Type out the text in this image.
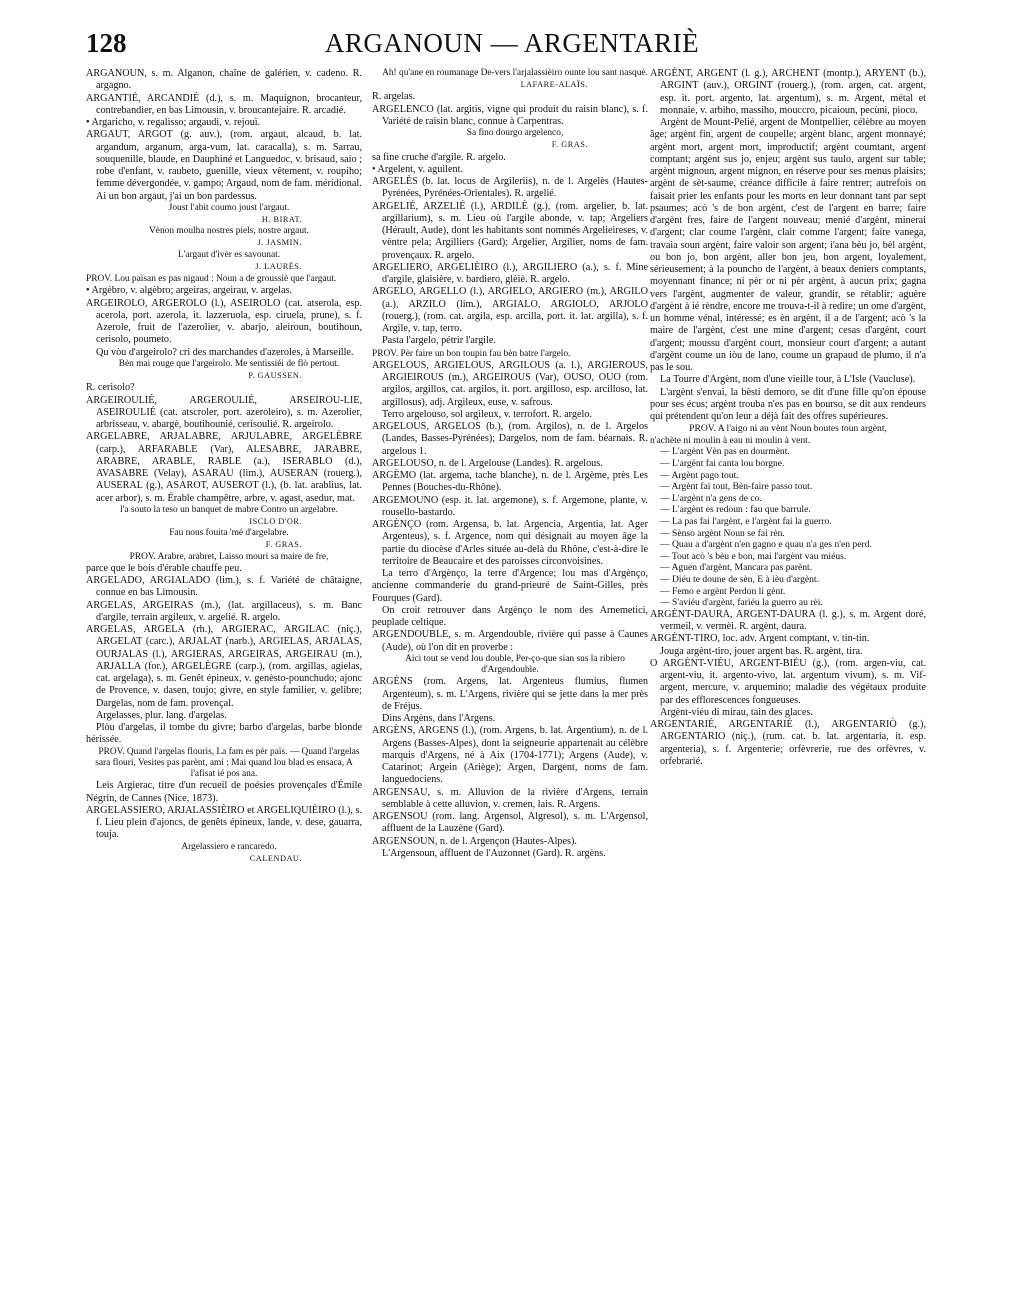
128	ARGANOUN — ARGENTARIÈ

ARGANOUN, s. m. Alganon, chaîne de galérien, v. cadeno. R. argagno.

ARGANTIÉ, ARCANDIÉ (d.), s. m. Maquignon, brocanteur, contrebandier, en bas Limousin, v. broucantejaire. R. arcadié.

• Argaricho, v. regalisso; argaudi, v. rejouï.

ARGAUT, ARGOT (g. auv.), (rom. argaut, alcaud, b. lat. argandum, arganum, arga-vum, lat. caracalla), s. m. Sarrau, souquenille, blaude, en Dauphiné et Languedoc, v. brisaud, saio ; robe d'enfant, v. raubeto, guenille, vieux vêtement, v. roupiho; femme dévergondée, v. gampo; Argaud, nom de fam. méridional.

Ai un bon argaut, j'ai un bon pardessus.

Joust l'abit coumo joust l'argaut.

H. BIRAT.

Vènon moulha nostres piels, nostre argaut.

J. JASMIN.

L'argaut d'ivèr es savounat.

J. LAURÈS.

PROV. Lou païsan es pas nigaud : Noun a de groussiè que l'argaut.

• Argèbro, v. algèbro; argeiras, argeirau, v. argelas.

ARGEIROLO, ARGEROLO (l.), ASEIROLO (cat. atserola, esp. acerola, port. azerola, it. lazzeruola, esp. ciruela, prune), s. f. Azerole, fruit de l'azerolier, v. abarjo, aleiroun, boutihoun, cerisolo, poumeto.

Qu vòu d'argeirolo? cri des marchandes d'azeroles, à Marseille.

Bèn mai rouge que l'argeirolo. Me sentissiéi de flò pertout.

P. GAUSSEN.

R. cerisolo?

ARGEIROULIÉ, ARGEROULIÉ, ARSEIROU-LIE, ASEIROULIÉ (cat. atscroler, port. azeroleiro), s. m. Azerolier, arbrisseau, v. abargè, boutihounié, cerisoulié. R. argeirolo.

ARGELABRE, ARJALABRE, ARJULABRE, ARGELÈBRE (carp.), ARFARABLE (Var), ALESABRE, JARABRE, ARABRE, ARABLE, RABLE (a.), ISERABLO (d.), AVASABRE (Velay), ASARAU (lim.), AUSERAN (rouerg.), AUSERAL (g.), ASAROT, AUSEROT (l.), (b. lat. arablius, lat. acer arbor), s. m. Érable champêtre, arbre, v. agast, asedur, mat.

l'a souto la teso un banquet de mabre Contro un argelabre.

ISCLO D'OR.

Fau nous fouita 'mé d'argelabre.

F. GRAS.

PROV. Arabre, arabret, Laisso mouri sa maire de fre,

parce que le bois d'érable chauffe peu.

ARGELADO, ARGIALADO (lim.), s. f. Variété de châtaigne, connue en bas Limousin.

ARGELAS, ARGEIRAS (m.), (lat. argillaceus), s. m. Banc d'argile, terrain argileux, v. argelié. R. argelo.

ARGELAS, ARGELA (rh.), ARGIERAC, ARGILAC (niç.), ARGELAT (carc.), ARJALAT (narb.), ARGIELAS, ARJALAS, OURJALAS (l.), ARGIERAS, ARGEIRAS, ARGEIRAU (m.), ARJALLA (for.), ARGELÈGRE (carp.), (rom. argillas, agielas, cat. argelaga), s. m. Genêt épineux, v. genèsto-pounchudo; ajonc de Provence, v. dasen, toujo; givre, en style familier, v. gelibre; Dargelas, nom de fam. provençal.

Argelasses, plur. lang. d'argelas.

Plòu d'argelas, il tombe du givre; barbo d'argelas, barbe blonde hérissée.

PROV. Quand l'argelas flouris, La fam es pèr païs. — Quand l'argelas sara flouri, Vesites pas parènt, ami : Mai quand lou blad es ensaca, A l'afisat ié pos ana.

Leis Argierac, titre d'un recueil de poésies provençales d'Émile Négrin, de Cannes (Nice, 1873).

ARGELASSIERO, ARJALASSIÈIRO et ARGELIQUIÈIRO (l.), s. f. Lieu plein d'ajoncs, de genêts épineux, lande, v. dese, gauarra, touja.

Argelassiero e rancaredo.

CALENDAU.

Ah! qu'ane en roumanage De-vers l'arjalassièiro ounte lou sant nasquè.

LAFARE-ALAÏS.

R. argelas.

ARGELENCO (lat. argitis, vigne qui produit du raisin blanc), s. f. Variété de raisin blanc, connue à Carpentras.

Sa fino dourgo argelenco,

F. GRAS.

sa fine cruche d'argile. R. argelo.

• Argelent, v. aguilent.

ARGELÈS (b. lat. locus de Argileriis), n. de l. Argelès (Hautes-Pyrénées, Pyrénées-Orientales). R. argelié.

ARGELIÉ, ARZELIÉ (l.), ARDILÈ (g.), (rom. argelier, b. lat. argillarium), s. m. Lieu où l'argile abonde, v. tap; Argeliers (Hérault, Aude), dont les habitants sont nommés Argelieireses, v. vèntre pela; Argilliers (Gard); Argelier, Argilier, noms de fam. provençaux. R. argelo.

ARGELIERO, ARGELIÈIRO (l.), ARGILIERO (a.), s. f. Mine d'argile, glaisière, v. bardiero, glèiè. R. argelo.

ARGELO, ARGELLO (l.), ARGIELO, ARGIERO (m.), ARGILO (a.), ARZILO (lim.), ARGIALO, ARGIOLO, ARJOLO (rouerg.), (rom. cat. argila, esp. arcilla, port. it. lat. argilla), s. f. Argile, v. tap, terro.

Pasta l'argelo, pétrir l'argile.

PROV. Pèr faire un bon toupin fau bèn batre l'argelo.

ARGELOUS, ARGIELOUS, ARGILOUS (a. l.), ARGIEROUS, ARGIEIROUS (m.), ARGEIROUS (Var), OUSO, OUO (rom. argilos, argillos, cat. argilos, it. port. argilloso, esp. arcilloso, lat. argillosus), adj. Argileux, euse, v. safrous.

Terro argelouso, sol argileux, v. terrofort. R. argelo.

ARGELOUS, ARGELOS (b.), (rom. Argilos), n. de l. Argelos (Landes, Basses-Pyrénées); Dargelos, nom de fam. béarnais. R. argelous 1.

ARGELOUSO, n. de l. Argelouse (Landes). R. argelous.

ARGÈMO (lat. argema, tache blanche), n. de l. Argème, près Les Pennes (Bouches-du-Rhône).

ARGEMOUNO (esp. it. lat. argemone), s. f. Argemone, plante, v. rousello-bastardo.

ARGÈNÇO (rom. Argensa, b. lat. Argencia, Argentia, lat. Ager Argenteus), s. f. Argence, nom qui désignait au moyen âge la partie du diocèse d'Arles située au-delà du Rhône, c'est-à-dire le territoire de Beaucaire et des paroisses circonvoisines.

La terro d'Argènço, la terre d'Argence; lou mas d'Argènço, ancienne commanderie du grand-prieuré de Saint-Gilles, près Fourques (Gard).

On croit retrouver dans Argènço le nom des Arnemetici, peuplade celtique.

ARGENDOUBLE, s. m. Argendouble, rivière qui passe à Caunes (Aude), où l'on dit en proverbe :

Aici tout se vend lou double, Per-ço-que sian sus la ribiero d'Argendouble.

ARGÈNS (rom. Argens, lat. Argenteus flumius, flumen Argenteum), s. m. L'Argens, rivière qui se jette dans la mer près de Fréjus.

Dins Argèns, dans l'Argens.

ARGÈNS, ARGENS (l.), (rom. Argens, b. lat. Argentium), n. de l. Argens (Basses-Alpes), dont la seigneurie appartenait au célèbre marquis d'Argens, né à Aix (1704-1771); Argens (Aude), v. Catarinot; Argein (Ariège); Argen, Dargent, noms de fam. languedociens.

ARGENSAU, s. m. Alluvion de la rivière d'Argens, terrain semblable à cette alluvion, v. cremen, lais. R. Argens.

ARGENSOU (rom. lang. Argensol, Algresol), s. m. L'Argensol, affluent de la Lauzène (Gard).

ARGENSOUN, n. de l. Argençon (Hautes-Alpes).

L'Argensoun, affluent de l'Auzonnet (Gard). R. argèns.

ARGÈNT, ARGENT (l. g.), ARCHENT (montp.), ARYENT (b.), ARGINT (auv.), ORGINT (rouerg.), (rom. argen, cat. argent, esp. it. port. argento, lat. argentum), s. m. Argent, métal et monnaie, v. arbiho, massiho, mouccro, picaioun, pecùni, pioco.

Argènt de Mount-Pelié, argent de Montpellier, célèbre au moyen âge; argènt fin, argent de coupelle; argènt blanc, argent monnayé; argènt mort, argent mort, improductif; argènt coumtant, argent comptant; argènt sus jo, enjeu; argènt sus taulo, argent sur table; argènt mignoun, argent mignon, en réserve pour ses menus plaisirs; argènt de sèt-saume, créance difficile à faire rentrer; autrefois on faisait prier les enfants pour les morts en leur donnant tant par sept psaumes; acò 's de bon argènt, c'est de l'argent en barre; faire d'argènt fres, faire de l'argent nouveau; menié d'argènt, minerai d'argent; clar coume l'argènt, clair comme l'argent; faire vanega, travaia soun argènt, faire valoir son argent; i'ana bèu jo, bèl argènt, ou bon jo, bon argènt, aller bon jeu, bon argent, loyalement, sérieusement; à la pouncho de l'argènt, à beaux deniers comptants, moyennant finance; ni pèr or ni pèr argènt, à aucun prix; gagna vers l'argènt, augmenter de valeur, grandir, se rétablir; aguère d'argènt à ié rèndre, encore me trouva-t-il à redire; un ome d'argènt, un homme vénal, intéressé; es èn argènt, il a de l'argent; acò 's la maire de l'argènt, c'est une mine d'argent; cesas d'argènt, court d'argent; moussu d'argènt court, monsieur court d'argent; a autant d'argènt coume un iòu de lano, coume un grapaud de plumo, il n'a pas le sou.

La Tourre d'Argènt, nom d'une vieille tour, à L'Isle (Vaucluse).

L'argènt s'envai, la bèsti demoro, se dit d'une fille qu'on épouse pour ses écus; argènt trouba n'es pas en bourso, se dit aux rendeurs qui prétendent qu'on leur a déjà fait des offres supérieures.

PROV. A l'aigo ni au vènt Noun boutes toun argènt,

n'achète ni moulin à eau ni moulin à vent.

— L'argènt Vèn pas en dourmènt.

— L'argènt fai canta lou borgne.

— Argènt pago tout.

— Argènt fai tout, Bèn-faire passo tout.

— L'argènt n'a gens de co.

— L'argènt es redoun : fau que barrule.

— La pas fai l'argènt, e l'argènt fai la guerro.

— Sènso argènt Noun se fai rèn.

— Quau a d'argènt n'en gagno e quau n'a ges n'en perd.

— Tout acò 's bèu e bon, mai l'argènt vau miéus.

— Aguen d'argènt, Mancara pas parènt.

— Diéu te doune de sèn, E à ièu d'argènt.

— Femo e argènt Perdon li gènt.

— S'aviéu d'argènt, fariéu la guerro au rèi.

ARGÈNT-DAURA, ARGENT-DAURA (l. g.), s. m. Argent doré, vermeil, v. vermèi. R. argènt, daura.

ARGÈNT-TIRO, loc. adv. Argent comptant, v. tin-tin.

Jouga argènt-tiro, jouer argent bas. R. argènt, tira.

O ARGÈNT-VIÉU, ARGENT-BIÉU (g.), (rom. argen-viu, cat. argent-viu, it. argento-vivo, lat. argentum vivum), s. m. Vif-argent, mercure, v. arquemino; maladie des végétaux produite par des efflorescences fongueuses.

Argènt-viéu di mirau, tain des glaces.

ARGENTARIÉ, ARGENTARIÉ (l.), ARGENTARIÒ (g.), ARGENTARIO (niç.), (rum. cat. b. lat. argentaria, it. esp. argenteria), s. f. Argenterie; orfèvrerie, rue des orfèvres, v. orfebrarié.
